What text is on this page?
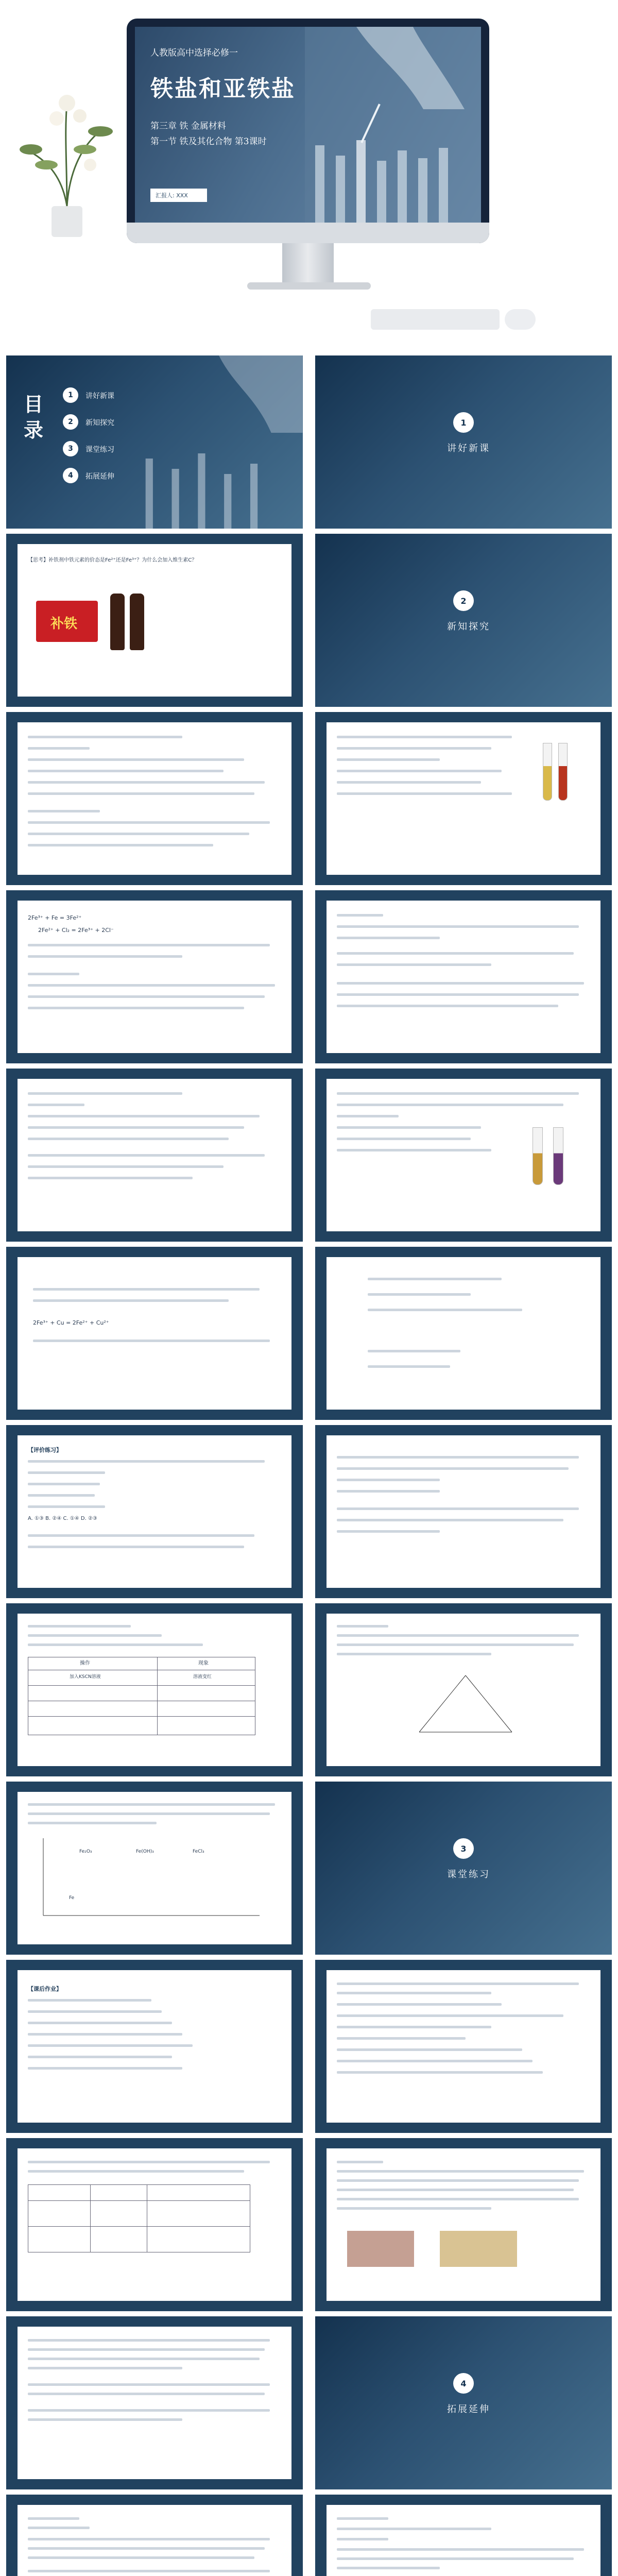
人教版高中选择必修一
铁盐和亚铁盐
第三章 铁 金属材料
第一节 铁及其化合物 第3课时
汇报人: XXX
目录
1	讲好新课
2	新知探究
3	课堂练习
4	拓展延伸
1
讲好新课
【思考】补铁剂中铁元素的价态是Fe²⁺还是Fe³⁺？为什么会加入维生素C？
补铁
2
新知探究
2Fe³⁺ + Fe = 3Fe²⁺
2Fe²⁺ + Cl₂ = 2Fe³⁺ + 2Cl⁻
2Fe³⁺ + Cu = 2Fe²⁺ + Cu²⁺
【评价练习】
A. ①③ B. ②④ C. ①④ D. ②③
操作	现象
加入KSCN溶液	溶液变红
Fe₂O₃	Fe(OH)₃	FeCl₃
Fe
3
课堂练习
【课后作业】
4
拓展延伸
